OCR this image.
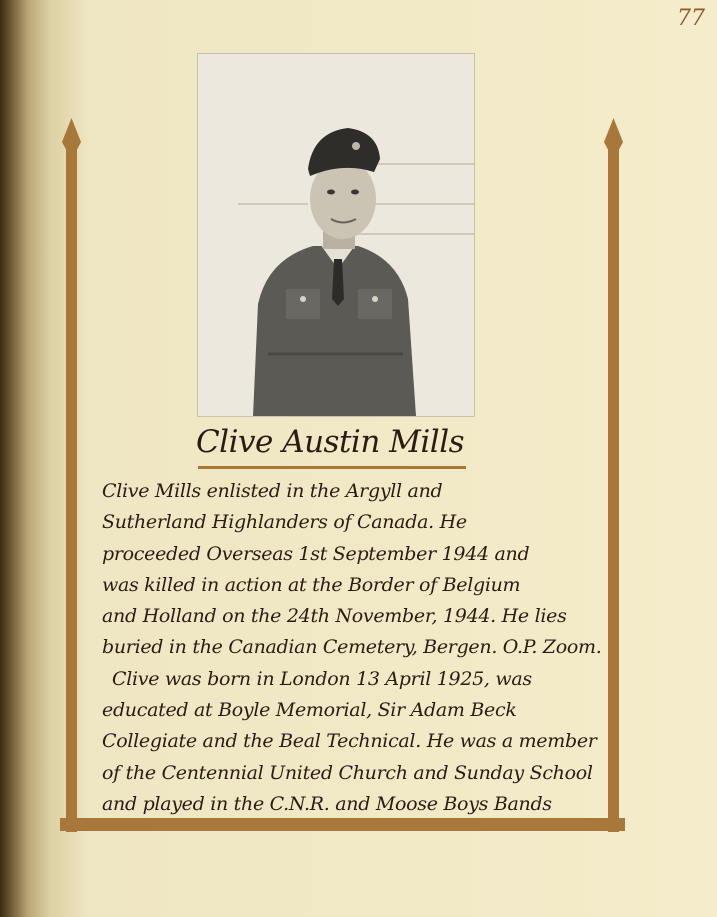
77
Clive Austin Mills
Clive Mills enlisted in the Argyll and
Sutherland Highlanders of Canada. He
proceeded Overseas 1st September 1944 and
was killed in action at the Border of Belgium
and Holland on the 24th November, 1944. He lies
buried in the Canadian Cemetery, Bergen. O.P. Zoom.
Clive was born in London 13 April 1925, was
educated at Boyle Memorial, Sir Adam Beck
Collegiate and the Beal Technical. He was a member
of the Centennial United Church and Sunday School
and played in the C.N.R. and Moose Boys Bands
